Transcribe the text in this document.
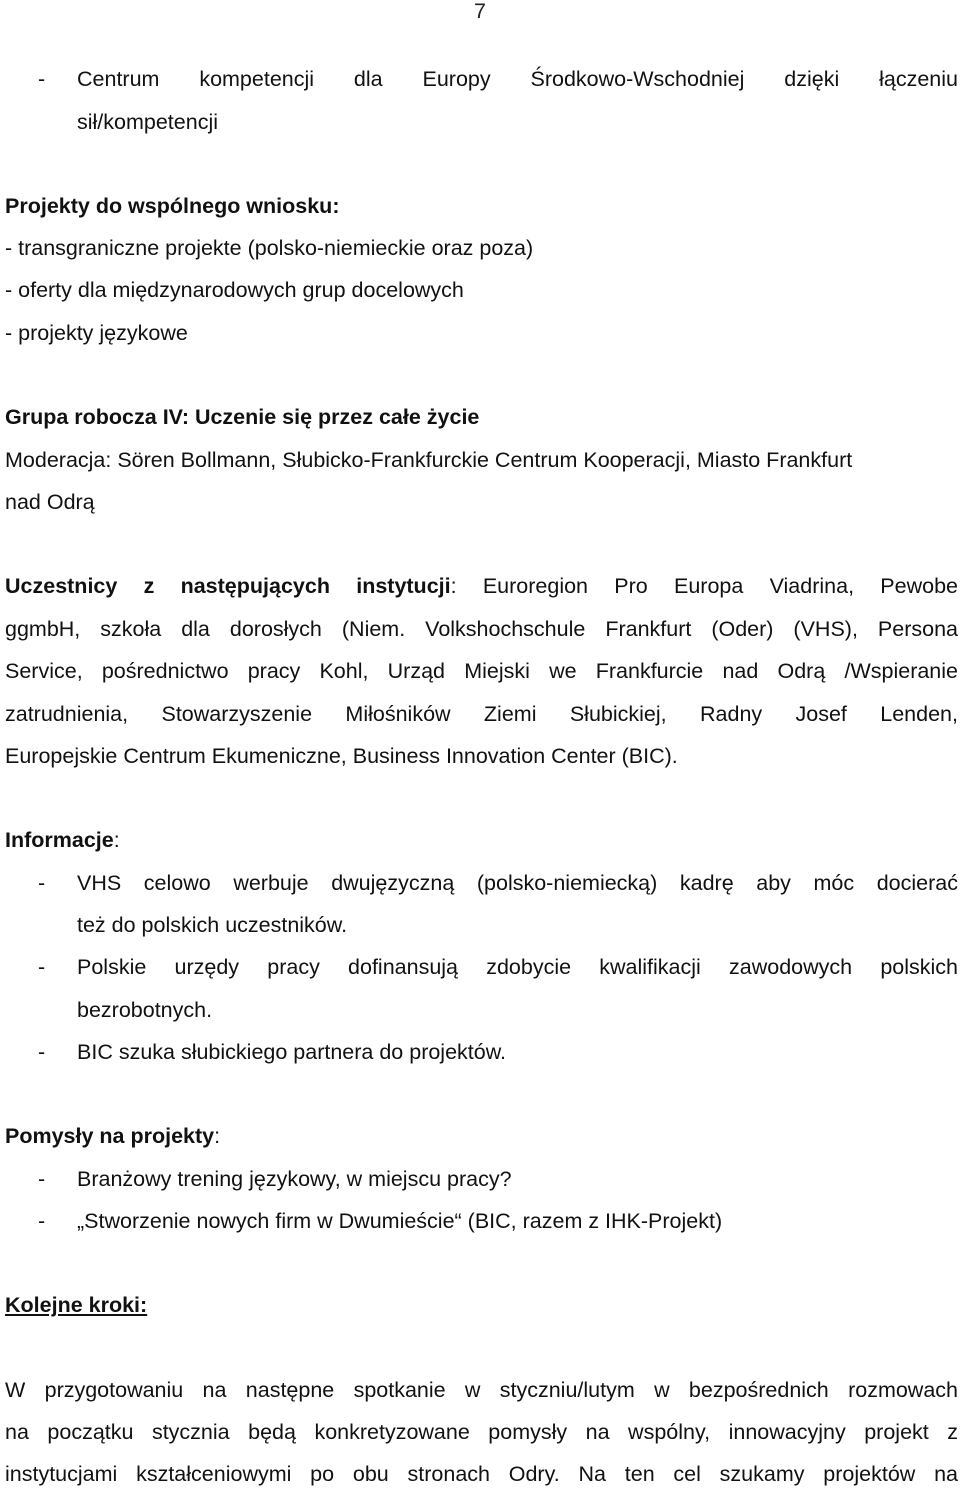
7
- Centrum kompetencji dla Europy Środkowo-Wschodniej dzięki łączeniu
sił/kompetencji
Projekty do wspólnego wniosku:
- transgraniczne projekte (polsko-niemieckie oraz poza)
- oferty dla międzynarodowych grup docelowych
- projekty językowe
Grupa robocza IV: Uczenie się przez całe życie
Moderacja: Sören Bollmann, Słubicko-Frankfurckie Centrum Kooperacji, Miasto Frankfurt
nad Odrą
Uczestnicy z następujących instytucji: Euroregion Pro Europa Viadrina, Pewobe
ggmbH, szkoła dla dorosłych (Niem. Volkshochschule Frankfurt (Oder) (VHS), Persona
Service, pośrednictwo pracy Kohl, Urząd Miejski we Frankfurcie nad Odrą /Wspieranie
zatrudnienia, Stowarzyszenie Miłośników Ziemi Słubickiej, Radny Josef Lenden,
Europejskie Centrum Ekumeniczne, Business Innovation Center (BIC).
Informacje:
- VHS celowo werbuje dwujęzyczną (polsko-niemiecką) kadrę aby móc docierać
też do polskich uczestników.
- Polskie urzędy pracy dofinansują zdobycie kwalifikacji zawodowych polskich
bezrobotnych.
- BIC szuka słubickiego partnera do projektów.
Pomysły na projekty:
- Branżowy trening językowy, w miejscu pracy?
- „Stworzenie nowych firm w Dwumieście“ (BIC, razem z IHK-Projekt)
Kolejne kroki:
W przygotowaniu na następne spotkanie w styczniu/lutym w bezpośrednich rozmowach
na początku stycznia będą konkretyzowane pomysły na wspólny, innowacyjny projekt z
instytucjami kształceniowymi po obu stronach Odry. Na ten cel szukamy projektów na
